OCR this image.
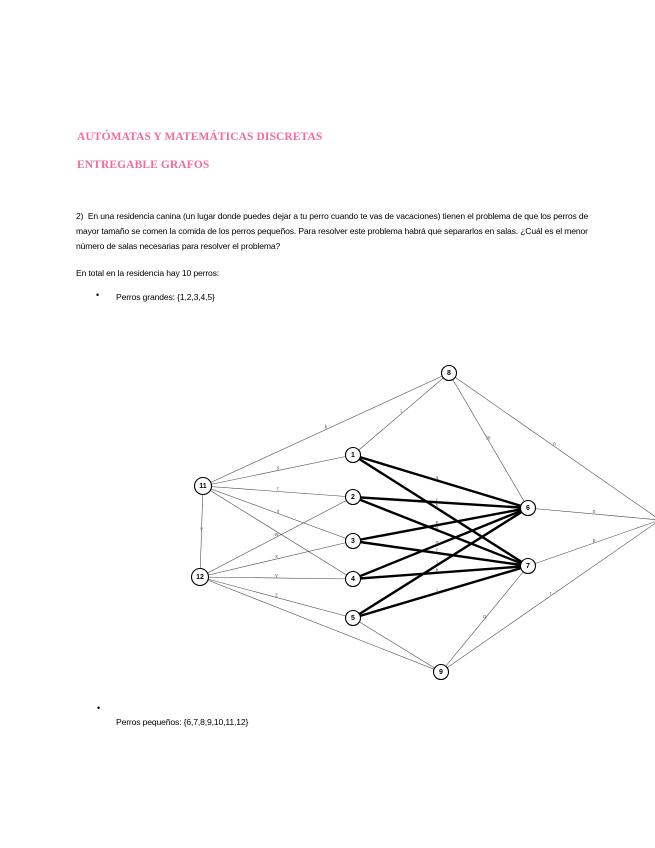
AUTÓMATAS Y MATEMÁTICAS DISCRETAS
ENTREGABLE GRAFOS
2) En una residencia canina (un lugar donde puedes dejar a tu perro cuando te vas de vacaciones) tienen el problema de que los perros de mayor tamaño se comen la comida de los perros pequeños. Para resolver este problema habrá que separarlos en salas. ¿Cuál es el menor número de salas necesarias para resolver el problema?
En total en la residencia hay 10 perros:
• Perros grandes: {1,2,3,4,5}
k
l
m
n
a
b
c
d
e
f
g
h
i
j
o
p
q
r
s
t
u
v
w
x
y
z
1
2
3
4
6
7
8
9
11
12
5
•
Perros pequeños: {6,7,8,9,10,11,12}
